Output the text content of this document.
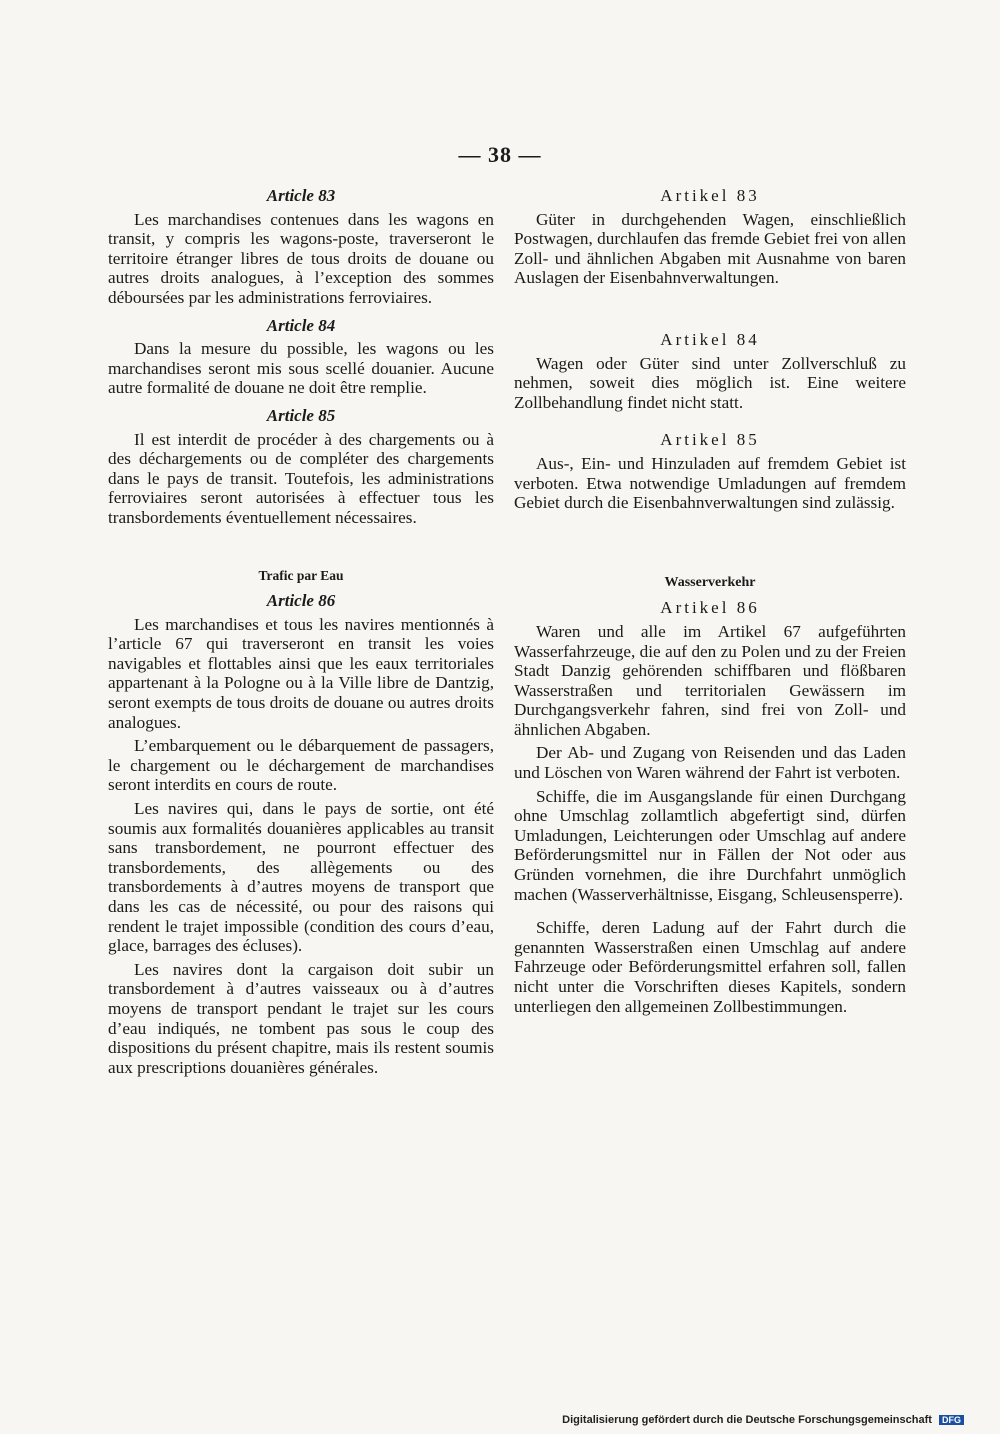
— 38 —
Article 83

Les marchandises contenues dans les wagons en transit, y compris les wagons-poste, traverseront le territoire étranger libres de tous droits de douane ou autres droits analogues, à l’exception des sommes déboursées par les administrations ferroviaires.

Article 84

Dans la mesure du possible, les wagons ou les marchandises seront mis sous scellé douanier. Aucune autre formalité de douane ne doit être remplie.

Article 85

Il est interdit de procéder à des chargements ou à des déchargements ou de compléter des chargements dans le pays de transit. Toutefois, les administrations ferroviaires seront autorisées à effectuer tous les transbordements éventuellement nécessaires.

Trafic par Eau
Article 86

Les marchandises et tous les navires mentionnés à l’article 67 qui traverseront en transit les voies navigables et flottables ainsi que les eaux territoriales appartenant à la Pologne ou à la Ville libre de Dantzig, seront exempts de tous droits de douane ou autres droits analogues.

L’embarquement ou le débarquement de passagers, le chargement ou le déchargement de marchandises seront interdits en cours de route.

Les navires qui, dans le pays de sortie, ont été soumis aux formalités douanières applicables au transit sans transbordement, ne pourront effectuer des transbordements, des allègements ou des transbordements à d’autres moyens de transport que dans les cas de nécessité, ou pour des raisons qui rendent le trajet impossible (condition des cours d’eau, glace, barrages des écluses).

Les navires dont la cargaison doit subir un transbordement à d’autres vaisseaux ou à d’autres moyens de transport pendant le trajet sur les cours d’eau indiqués, ne tombent pas sous le coup des dispositions du présent chapitre, mais ils restent soumis aux prescriptions douanières générales.

Artikel 83

Güter in durchgehenden Wagen, einschließlich Postwagen, durchlaufen das fremde Gebiet frei von allen Zoll- und ähnlichen Abgaben mit Ausnahme von baren Auslagen der Eisenbahnverwaltungen.

Artikel 84

Wagen oder Güter sind unter Zollverschluß zu nehmen, soweit dies möglich ist. Eine weitere Zollbehandlung findet nicht statt.

Artikel 85

Aus-, Ein- und Hinzuladen auf fremdem Gebiet ist verboten. Etwa notwendige Umladungen auf fremdem Gebiet durch die Eisenbahnverwaltungen sind zulässig.

Wasserverkehr
Artikel 86

Waren und alle im Artikel 67 aufgeführten Wasserfahrzeuge, die auf den zu Polen und zu der Freien Stadt Danzig gehörenden schiffbaren und flößbaren Wasserstraßen und territorialen Gewässern im Durchgangsverkehr fahren, sind frei von Zoll- und ähnlichen Abgaben.

Der Ab- und Zugang von Reisenden und das Laden und Löschen von Waren während der Fahrt ist verboten.

Schiffe, die im Ausgangslande für einen Durchgang ohne Umschlag zollamtlich abgefertigt sind, dürfen Umladungen, Leichterungen oder Umschlag auf andere Beförderungsmittel nur in Fällen der Not oder aus Gründen vornehmen, die ihre Durchfahrt unmöglich machen (Wasserverhältnisse, Eisgang, Schleusensperre).

Schiffe, deren Ladung auf der Fahrt durch die genannten Wasserstraßen einen Umschlag auf andere Fahrzeuge oder Beförderungsmittel erfahren soll, fallen nicht unter die Vorschriften dieses Kapitels, sondern unterliegen den allgemeinen Zollbestimmungen.

Digitalisierung gefördert durch die Deutsche Forschungsgemeinschaft DFG
